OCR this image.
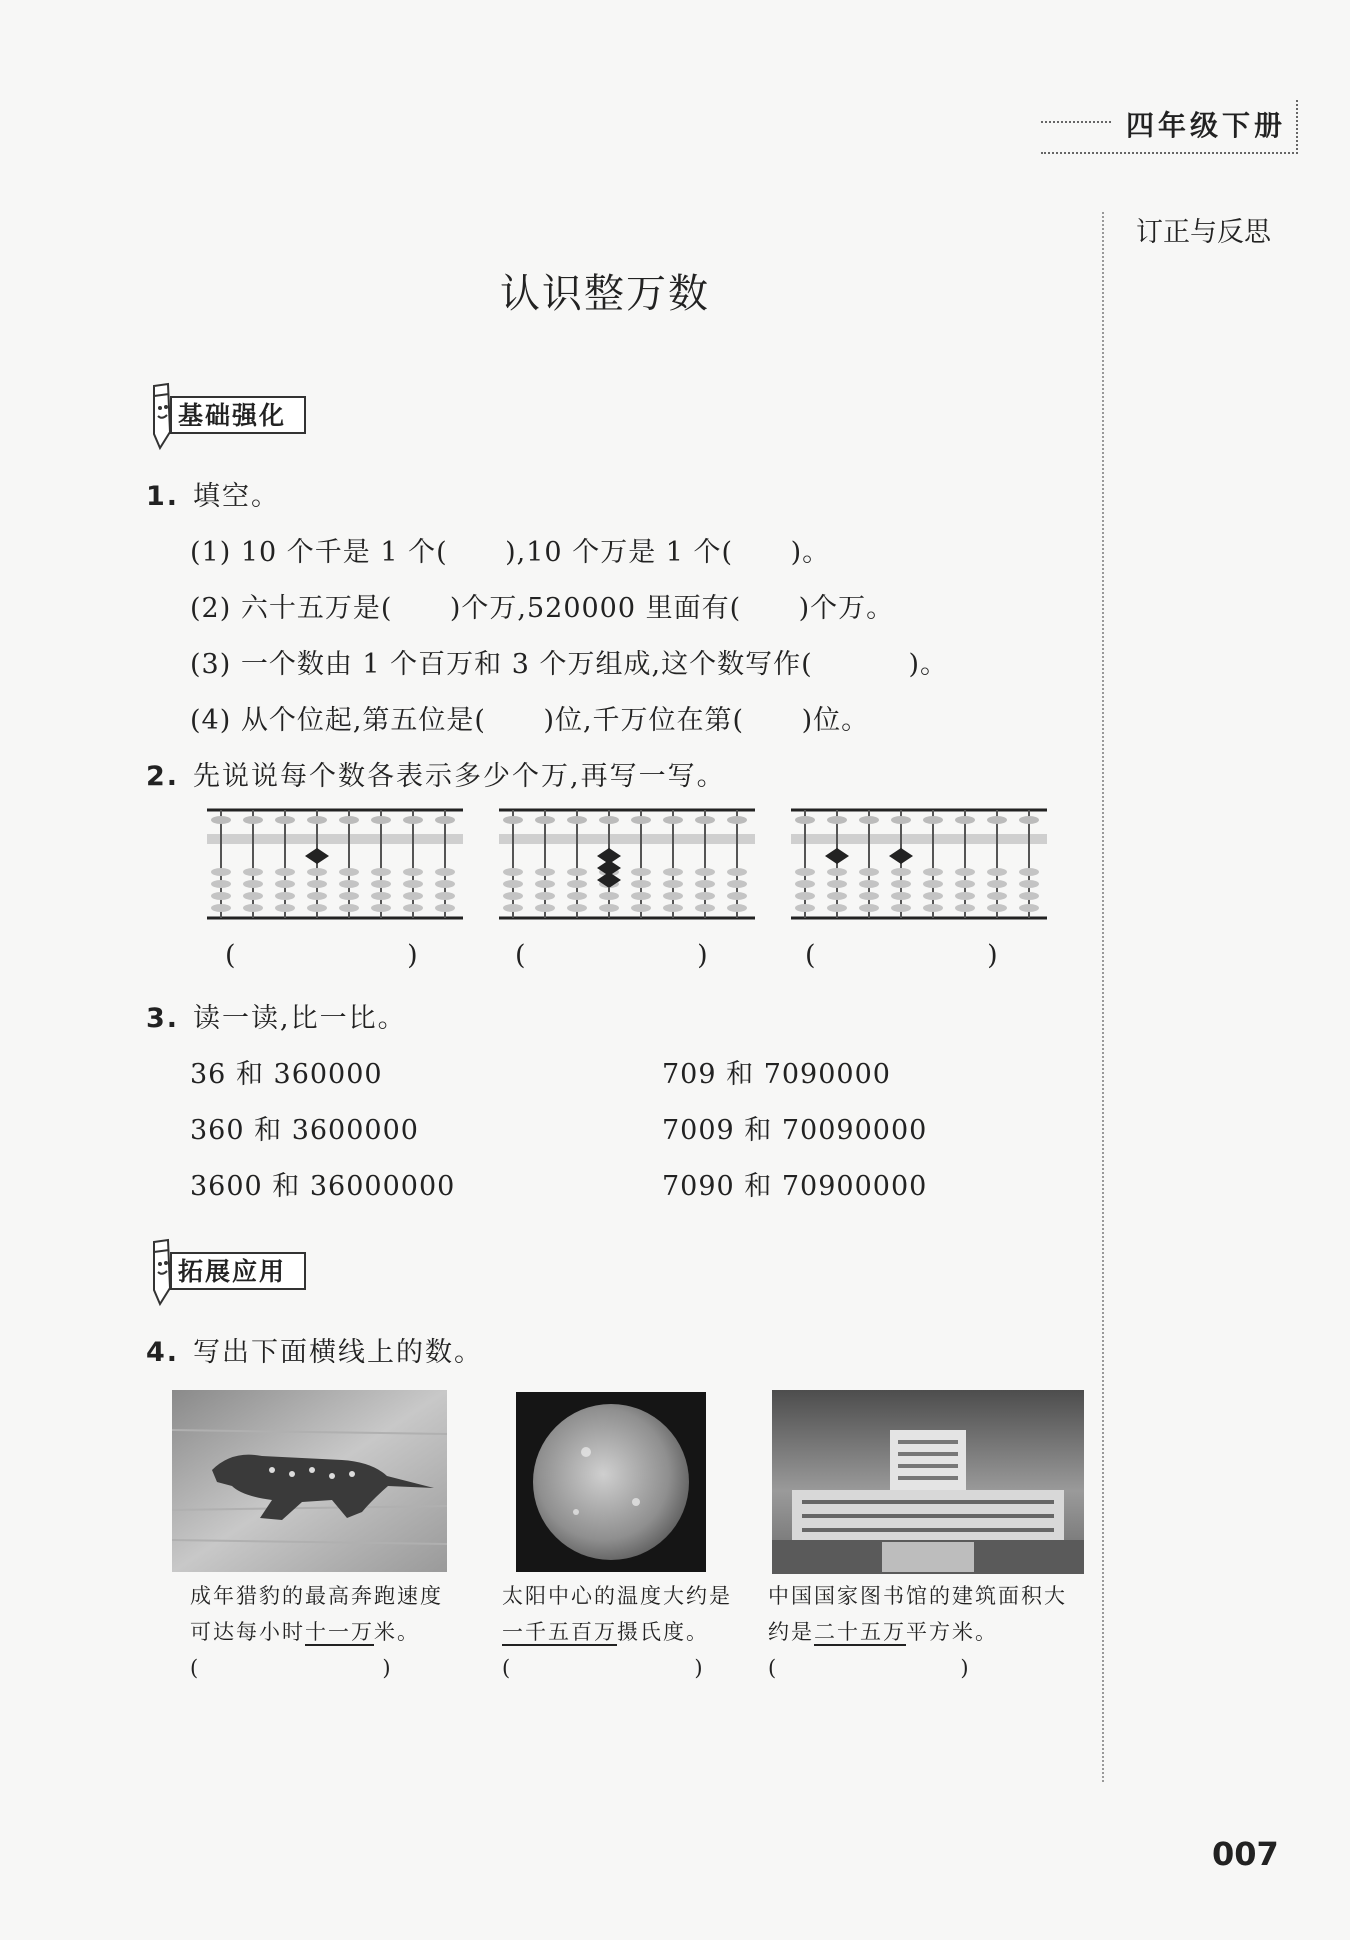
四年级下册
订正与反思
认识整万数
基础强化
1. 填空。
(1) 10 个千是 1 个(      ),10 个万是 1 个(      )。
(2) 六十五万是(      )个万,520000 里面有(      )个万。
(3) 一个数由 1 个百万和 3 个万组成,这个数写作(          )。
(4) 从个位起,第五位是(      )位,千万位在第(      )位。
2. 先说说每个数各表示多少个万,再写一写。
(                    )	(                    )	(                    )
3. 读一读,比一比。
36 和 360000	709 和 7090000
360 和 3600000	7009 和 70090000
3600 和 36000000	7090 和 70900000
拓展应用
4. 写出下面横线上的数。
成年猎豹的最高奔跑速度
可达每小时十一万米。
(                     )
太阳中心的温度大约是
一千五百万摄氏度。
(                     )
中国国家图书馆的建筑面积大
约是二十五万平方米。
(                     )
007
